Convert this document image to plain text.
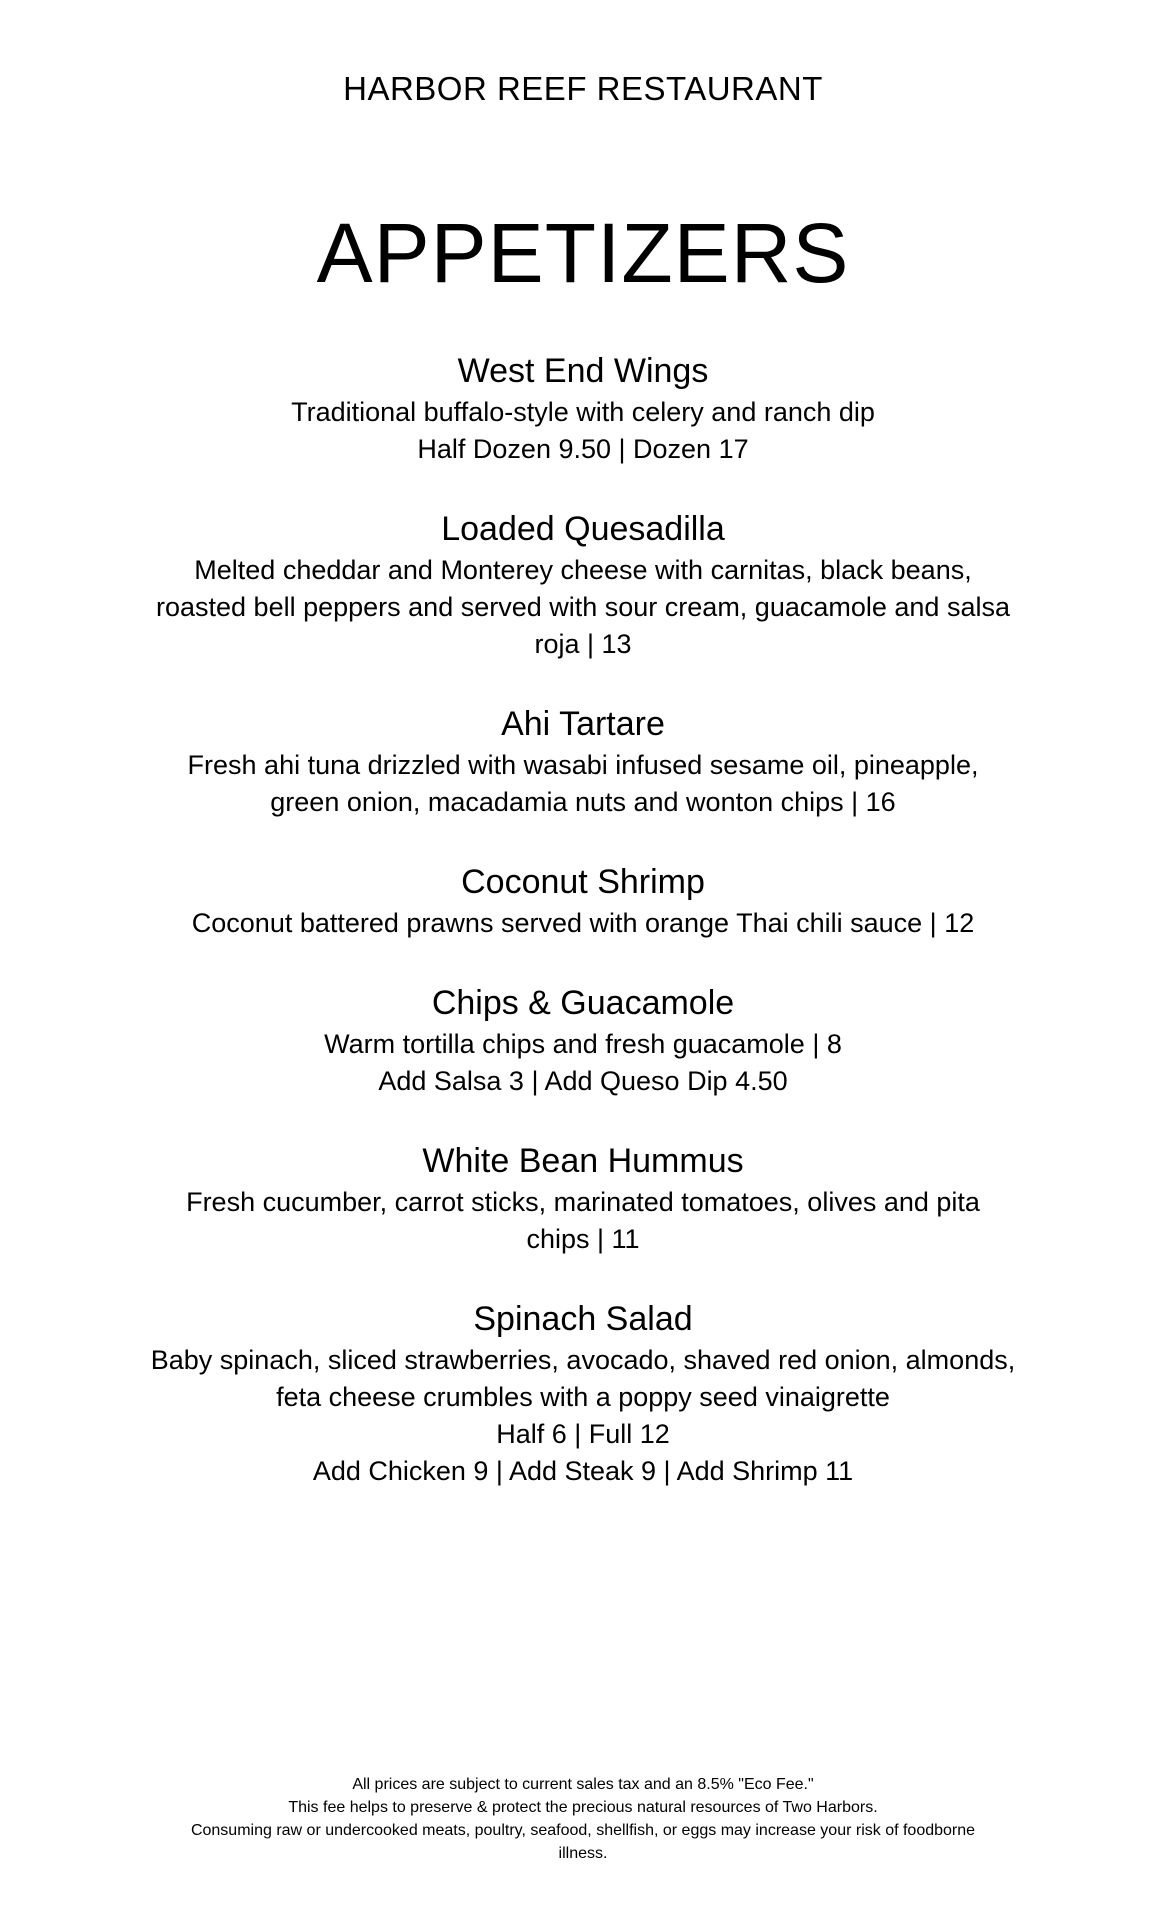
HARBOR REEF RESTAURANT
APPETIZERS
West End Wings
Traditional buffalo-style with celery and ranch dip
Half Dozen 9.50 | Dozen 17
Loaded Quesadilla
Melted cheddar and Monterey cheese with carnitas, black beans,
roasted bell peppers and served with sour cream, guacamole and salsa
roja | 13
Ahi Tartare
Fresh ahi tuna drizzled with wasabi infused sesame oil, pineapple,
green onion, macadamia nuts and wonton chips | 16
Coconut Shrimp
Coconut battered prawns served with orange Thai chili sauce | 12
Chips & Guacamole
Warm tortilla chips and fresh guacamole | 8
Add Salsa 3 | Add Queso Dip 4.50
White Bean Hummus
Fresh cucumber, carrot sticks, marinated tomatoes, olives and pita
chips | 11
Spinach Salad
Baby spinach, sliced strawberries, avocado, shaved red onion, almonds,
feta cheese crumbles with a poppy seed vinaigrette
Half 6 | Full 12
Add Chicken 9 | Add Steak 9 | Add Shrimp 11
All prices are subject to current sales tax and an 8.5% "Eco Fee."
This fee helps to preserve & protect the precious natural resources of Two Harbors.
Consuming raw or undercooked meats, poultry, seafood, shellfish, or eggs may increase your risk of foodborne
illness.
